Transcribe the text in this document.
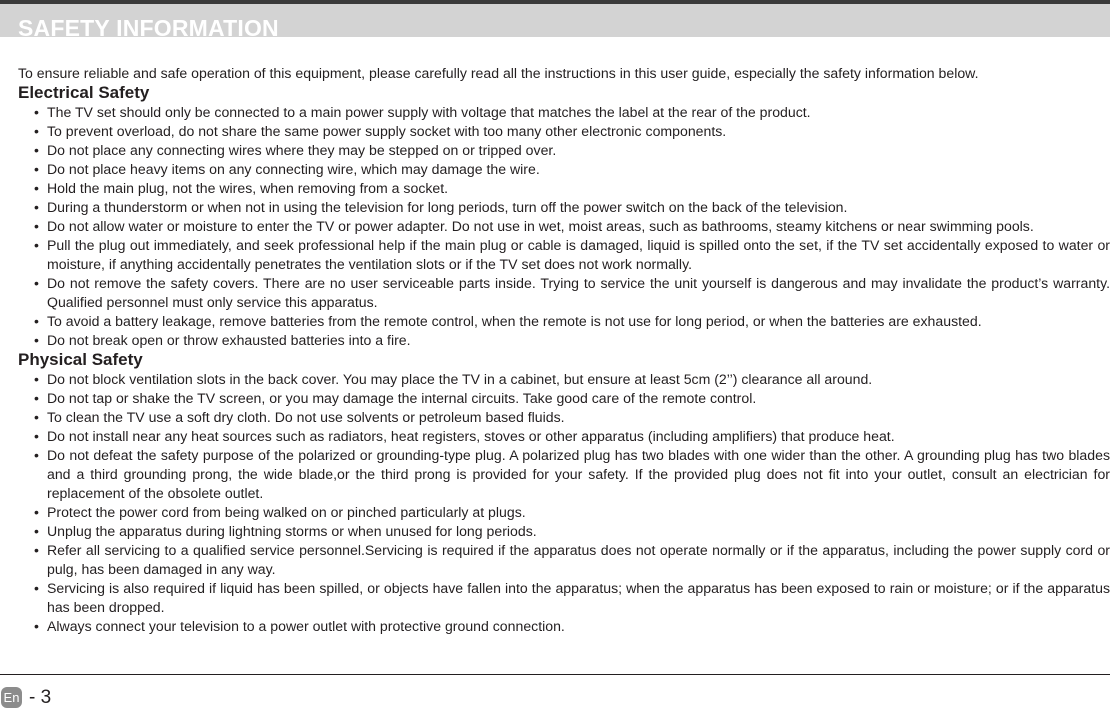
SAFETY INFORMATION

To ensure reliable and safe operation of this equipment, please carefully read all the instructions in this user guide, especially the safety information below.

Electrical Safety
• The TV set should only be connected to a main power supply with voltage that matches the label at the rear of the product.
• To prevent overload, do not share the same power supply socket with too many other electronic components.
• Do not place any connecting wires where they may be stepped on or tripped over.
• Do not place heavy items on any connecting wire, which may damage the wire.
• Hold the main plug, not the wires, when removing from a socket.
• During a thunderstorm or when not in using the television for long periods, turn off the power switch on the back of the television.
• Do not allow water or moisture to enter the TV or power adapter. Do not use in wet, moist areas, such as bathrooms, steamy kitchens or near swimming pools.
• Pull the plug out immediately, and seek professional help if the main plug or cable is damaged, liquid is spilled onto the set, if the TV set accidentally exposed to water or moisture, if anything accidentally penetrates the ventilation slots or if the TV set does not work normally.
• Do not remove the safety covers. There are no user serviceable parts inside. Trying to service the unit yourself is dangerous and may invalidate the product’s warranty. Qualified personnel must only service this apparatus.
• To avoid a battery leakage, remove batteries from the remote control, when the remote is not use for long period, or when the batteries are exhausted.
• Do not break open or throw exhausted batteries into a fire.
Physical Safety
• Do not block ventilation slots in the back cover. You may place the TV in a cabinet, but ensure at least 5cm (2’’) clearance all around.
• Do not tap or shake the TV screen, or you may damage the internal circuits. Take good care of the remote control.
• To clean the TV use a soft dry cloth. Do not use solvents or petroleum based fluids.
• Do not install near any heat sources such as radiators, heat registers, stoves or other apparatus (including amplifiers) that produce heat.
• Do not defeat the safety purpose of the polarized or grounding-type plug. A polarized plug has two blades with one wider than the other. A grounding plug has two blades and a third grounding prong, the wide blade,or the third prong is provided for your safety. If the provided plug does not fit into your outlet, consult an electrician for replacement of the obsolete outlet.
• Protect the power cord from being walked on or pinched particularly at plugs.
• Unplug the apparatus during lightning storms or when unused for long periods.
• Refer all servicing to a qualified service personnel.Servicing is required if the apparatus does not operate normally or if the apparatus, including the power supply cord or pulg, has been damaged in any way.
• Servicing is also required if liquid has been spilled, or objects have fallen into the apparatus; when the apparatus has been exposed to rain or moisture; or if the apparatus has been dropped.
• Always connect your television to a power outlet with protective ground connection.
En - 3
